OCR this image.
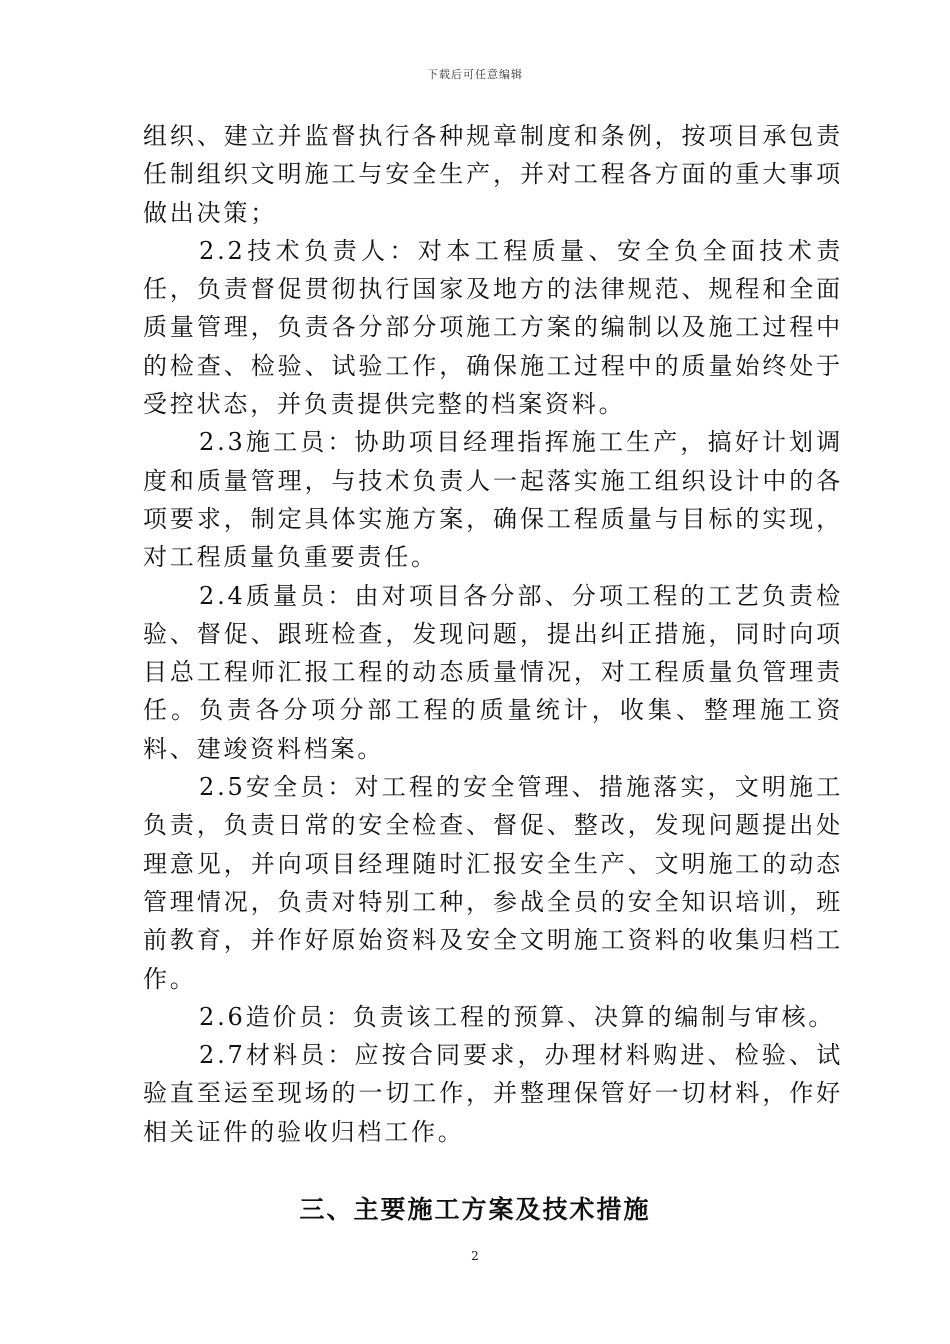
下载后可任意编辑

组织、建立并监督执行各种规章制度和条例，按项目承包责任制组织文明施工与安全生产，并对工程各方面的重大事项做出决策；

2.2技术负责人：对本工程质量、安全负全面技术责任，负责督促贯彻执行国家及地方的法律规范、规程和全面质量管理，负责各分部分项施工方案的编制以及施工过程中的检查、检验、试验工作，确保施工过程中的质量始终处于受控状态，并负责提供完整的档案资料。

2.3施工员：协助项目经理指挥施工生产，搞好计划调度和质量管理，与技术负责人一起落实施工组织设计中的各项要求，制定具体实施方案，确保工程质量与目标的实现，对工程质量负重要责任。

2.4质量员：由对项目各分部、分项工程的工艺负责检验、督促、跟班检查，发现问题，提出纠正措施，同时向项目总工程师汇报工程的动态质量情况，对工程质量负管理责任。负责各分项分部工程的质量统计，收集、整理施工资料、建竣资料档案。

2.5安全员：对工程的安全管理、措施落实，文明施工负责，负责日常的安全检查、督促、整改，发现问题提出处理意见，并向项目经理随时汇报安全生产、文明施工的动态管理情况，负责对特别工种，参战全员的安全知识培训，班前教育，并作好原始资料及安全文明施工资料的收集归档工作。

2.6造价员：负责该工程的预算、决算的编制与审核。

2.7材料员：应按合同要求，办理材料购进、检验、试验直至运至现场的一切工作，并整理保管好一切材料，作好相关证件的验收归档工作。

三、主要施工方案及技术措施
2
